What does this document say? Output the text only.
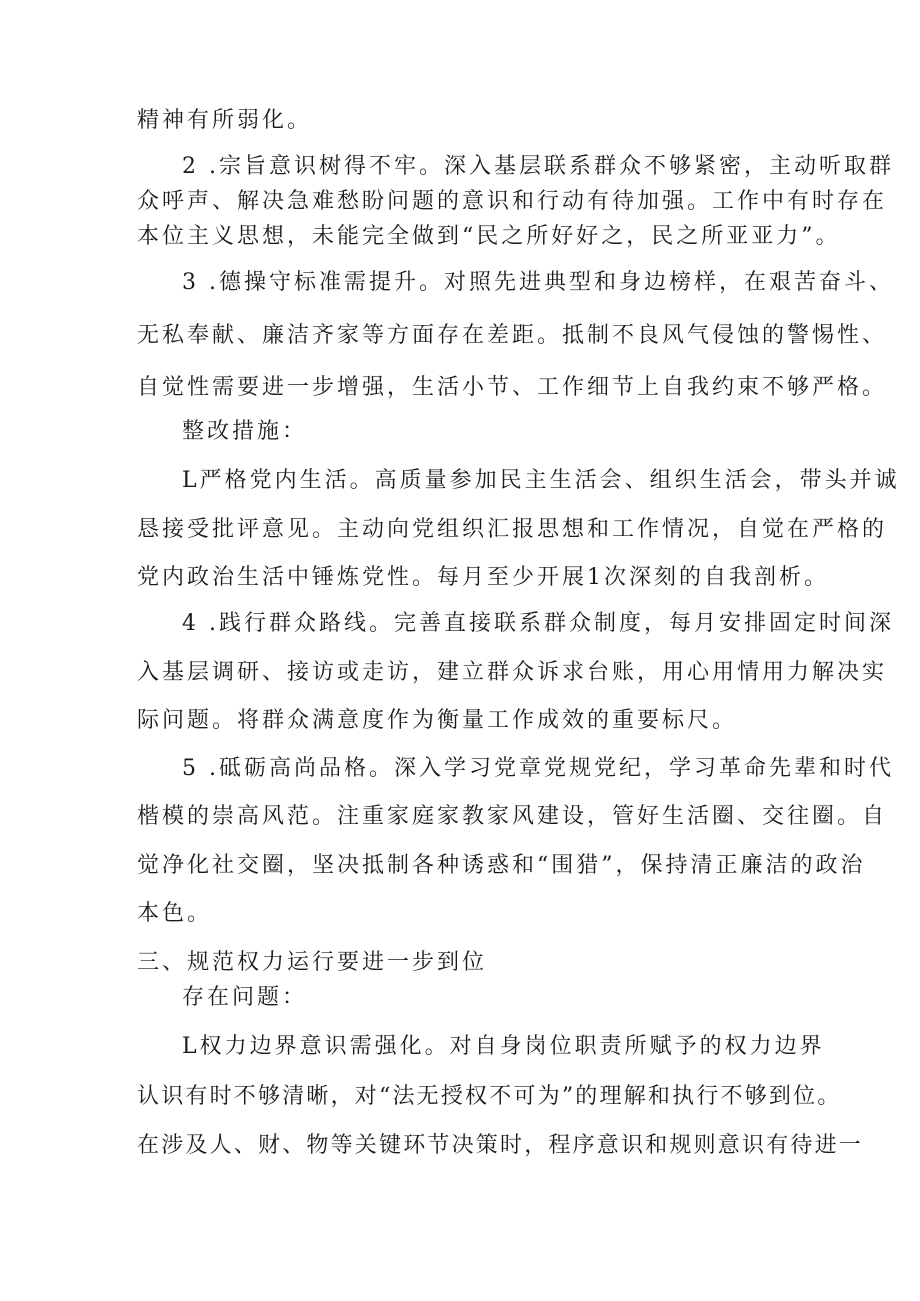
精神有所弱化。
2 .宗旨意识树得不牢。深入基层联系群众不够紧密，主动听取群
众呼声、解决急难愁盼问题的意识和行动有待加强。工作中有时存在
本位主义思想，未能完全做到“民之所好好之，民之所亚亚力”。
3 .德操守标准需提升。对照先进典型和身边榜样，在艰苦奋斗、
无私奉献、廉洁齐家等方面存在差距。抵制不良风气侵蚀的警惕性、
自觉性需要进一步增强，生活小节、工作细节上自我约束不够严格。
整改措施：
L严格党内生活。高质量参加民主生活会、组织生活会，带头并诚
恳接受批评意见。主动向党组织汇报思想和工作情况，自觉在严格的
党内政治生活中锤炼党性。每月至少开展1次深刻的自我剖析。
4 .践行群众路线。完善直接联系群众制度，每月安排固定时间深
入基层调研、接访或走访，建立群众诉求台账，用心用情用力解决实
际问题。将群众满意度作为衡量工作成效的重要标尺。
5 .砥砺高尚品格。深入学习党章党规党纪，学习革命先辈和时代
楷模的崇高风范。注重家庭家教家风建设，管好生活圈、交往圈。自
觉净化社交圈，坚决抵制各种诱惑和“围猎”，保持清正廉洁的政治
本色。
三、规范权力运行要进一步到位
存在问题：
L权力边界意识需强化。对自身岗位职责所赋予的权力边界
认识有时不够清晰，对“法无授权不可为”的理解和执行不够到位。
在涉及人、财、物等关键环节决策时，程序意识和规则意识有待进一
